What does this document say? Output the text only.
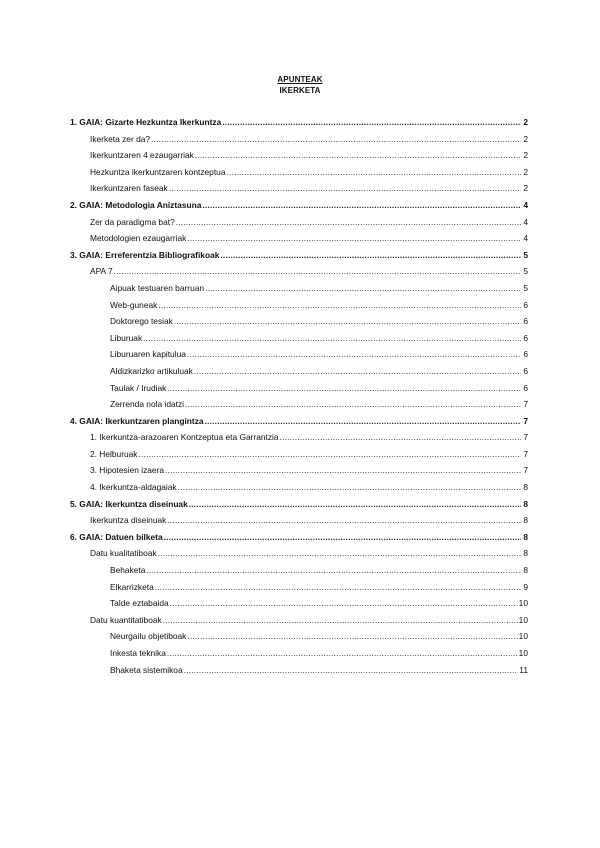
APUNTEAK
IKERKETA
1. GAIA: Gizarte Hezkuntza Ikerkuntza .....	2
Ikerketa zer da? .....	2
Ikerkuntzaren 4 ezaugarriak .....	2
Hezkuntza ikerkuntzaren kontzeptua .....	2
Ikerkuntzaren faseak .....	2
2. GAIA: Metodologia Aniztasuna .....	4
Zer da paradigma bat? .....	4
Metodologien ezaugarriak .....	4
3. GAIA: Erreferentzia Bibliografikoak .....	5
APA 7 .....	5
Aipuak testuaren barruan .....	5
Web-guneak .....	6
Doktorego tesiak .....	6
Liburuak .....	6
Liburuaren kapitulua .....	6
Aldizkarizko artikuluak .....	6
Taulak / Irudiak .....	6
Zerrenda nola idatzi .....	7
4. GAIA: Ikerkuntzaren plangintza .....	7
1. Ikerkuntza-arazoaren Kontzeptua eta Garrantzia .....	7
2. Helburuak .....	7
3. Hipotesien izaera .....	7
4. Ikerkuntza-aldagaiak .....	8
5. GAIA: Ikerkuntza diseinuak .....	8
Ikerkuntza diseinuak .....	8
6. GAIA: Datuen bilketa .....	8
Datu kualitatiboak .....	8
Behaketa .....	8
Elkarrizketa .....	9
Talde eztabaida .....	10
Datu kuantitatiboak .....	10
Neurgailu objetiboak .....	10
Inkesta teknika .....	10
Bhaketa sistemikoa .....	11
